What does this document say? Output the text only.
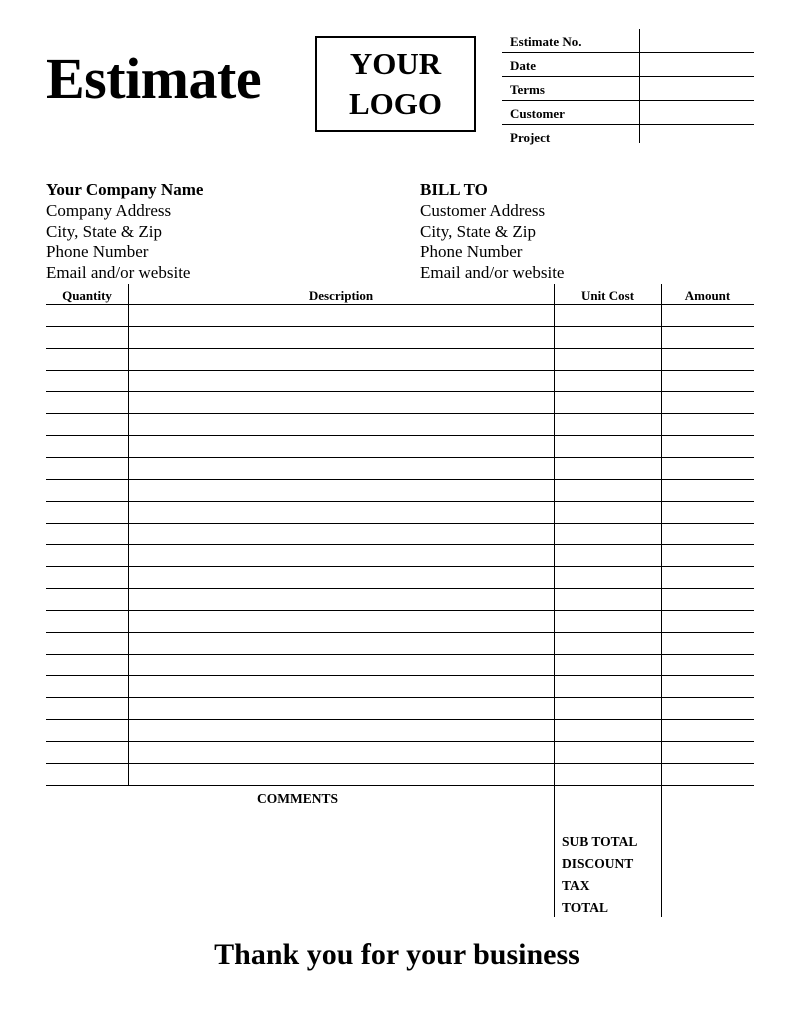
Estimate	YOUR
LOGO
Estimate No.
Date
Terms
Customer
Project
Your Company Name
Company Address
City, State & Zip
Phone Number
Email and/or website
BILL TO
Customer Address
City, State & Zip
Phone Number
Email and/or website
Quantity	Description	Unit Cost	Amount
COMMENTS
SUB TOTAL
DISCOUNT
TAX
TOTAL
Thank you for your business
